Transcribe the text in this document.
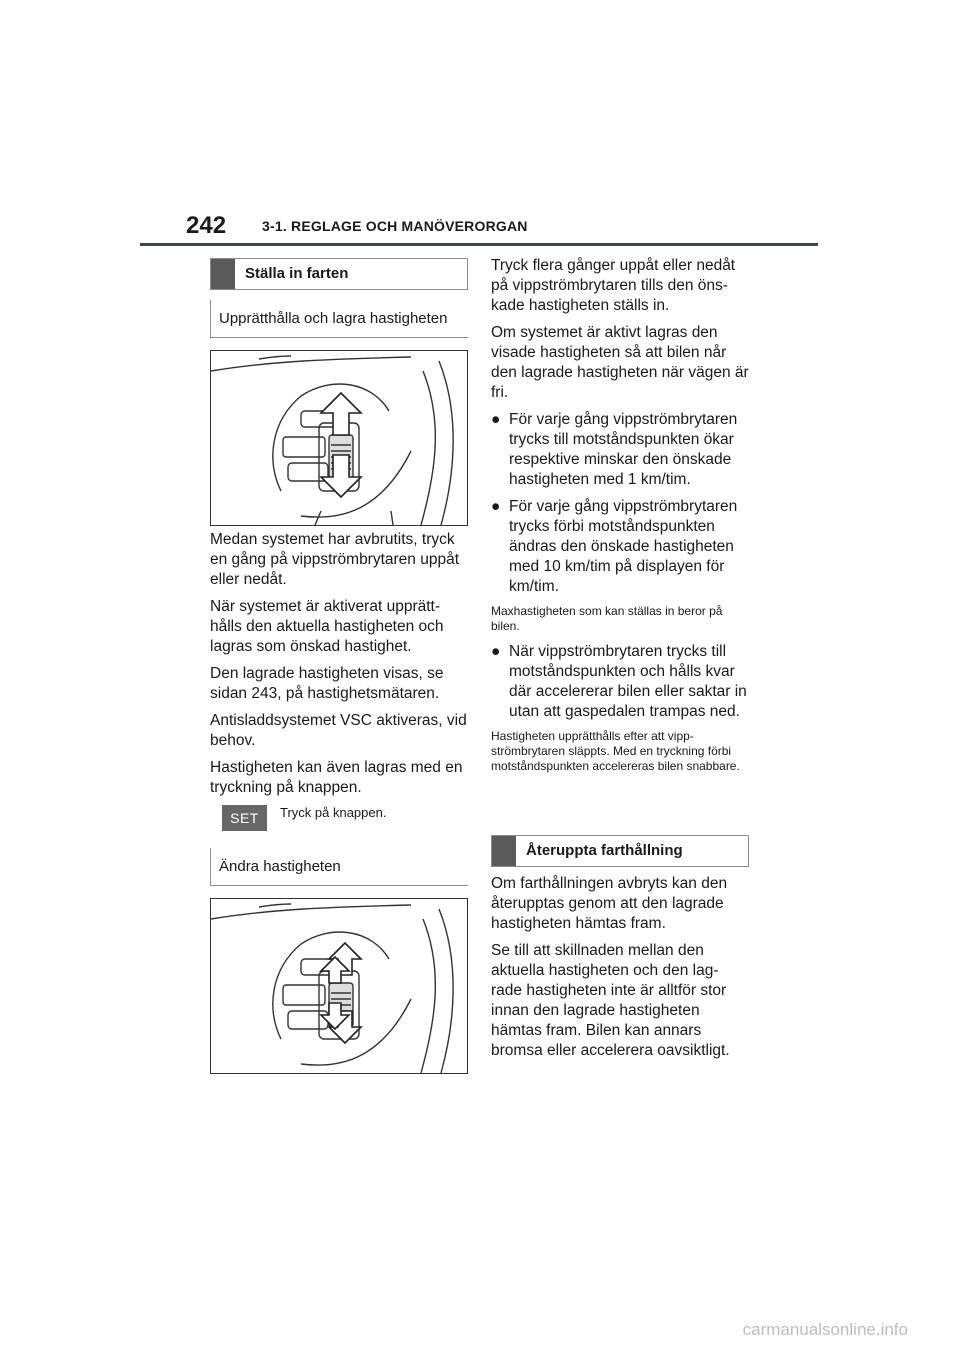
242	3-1. REGLAGE OCH MANÖVERORGAN
Ställa in farten
Upprätthålla och lagra hastigheten

Medan systemet har avbrutits, tryck en gång på vippströmbrytaren uppåt eller nedåt.

När systemet är aktiverat upprätt-hålls den aktuella hastigheten och lagras som önskad hastighet.

Den lagrade hastigheten visas, se sidan 243, på hastighetsmätaren.

Antisladdsystemet VSC aktiveras, vid behov.

Hastigheten kan även lagras med en tryckning på knappen.

SET	Tryck på knappen.
Ändra hastigheten

Tryck flera gånger uppåt eller nedåt på vippströmbrytaren tills den öns-kade hastigheten ställs in.

Om systemet är aktivt lagras den visade hastigheten så att bilen når den lagrade hastigheten när vägen är fri.

● För varje gång vippströmbrytaren trycks till motståndspunkten ökar respektive minskar den önskade hastigheten med 1 km/tim.
● För varje gång vippströmbrytaren trycks förbi motståndspunkten ändras den önskade hastigheten med 10 km/tim på displayen för km/tim.

Maxhastigheten som kan ställas in beror på bilen.

● När vippströmbrytaren trycks till motståndspunkten och hålls kvar där accelererar bilen eller saktar in utan att gaspedalen trampas ned.

Hastigheten upprätthålls efter att vipp-strömbrytaren släppts. Med en tryckning förbi motståndspunkten accelereras bilen snabbare.

Återuppta farthållning

Om farthållningen avbryts kan den återupptas genom att den lagrade hastigheten hämtas fram.

Se till att skillnaden mellan den aktuella hastigheten och den lag-rade hastigheten inte är alltför stor innan den lagrade hastigheten hämtas fram. Bilen kan annars bromsa eller accelerera oavsiktligt.

carmanualsonline.info
